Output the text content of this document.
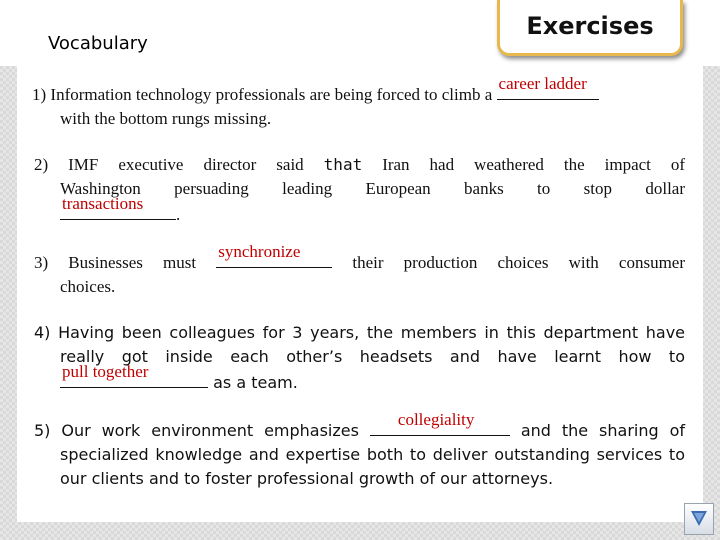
Vocabulary
Exercises
1) Information technology professionals are being forced to climb a
career ladder
with the bottom rungs missing.
2) IMF executive director said that Iran had weathered the impact of
Washington persuading leading European banks to stop dollar
transactions
.
3) Businesses must
synchronize
their production choices with consumer
choices.
4) Having been colleagues for 3 years, the members in this department have
really got inside each other’s headsets and have learnt how to
pull together
as a team.
5) Our work environment emphasizes
collegiality
and the sharing of
specialized knowledge and expertise both to deliver outstanding services to
our clients and to foster professional growth of our attorneys.
